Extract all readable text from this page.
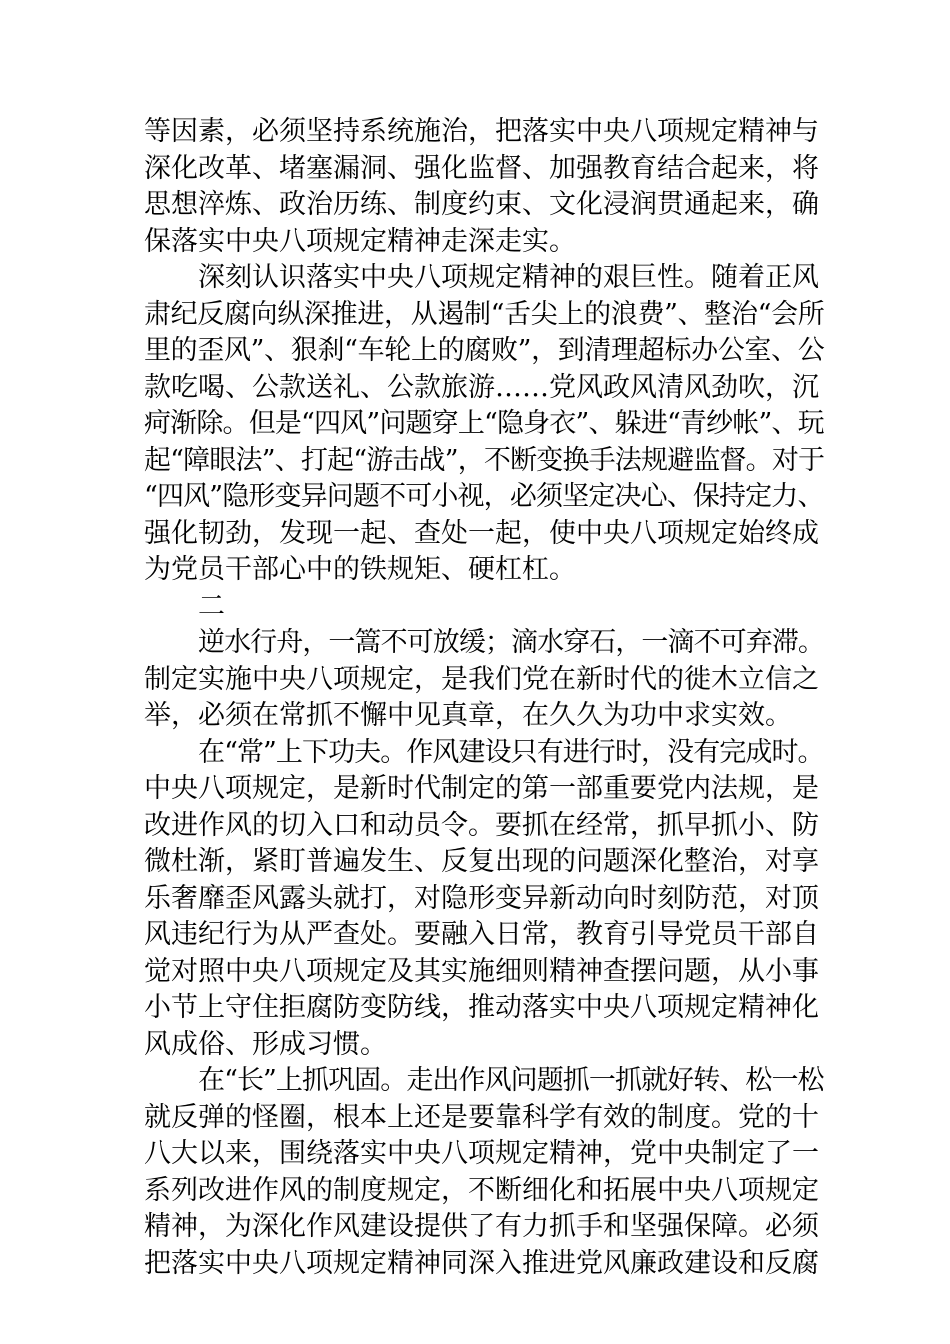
等因素，必须坚持系统施治，把落实中央八项规定精神与
深化改革、堵塞漏洞、强化监督、加强教育结合起来，将
思想淬炼、政治历练、制度约束、文化浸润贯通起来，确
保落实中央八项规定精神走深走实。
深刻认识落实中央八项规定精神的艰巨性。随着正风
肃纪反腐向纵深推进，从遏制“舌尖上的浪费”、整治“会所
里的歪风”、狠刹“车轮上的腐败”，到清理超标办公室、公
款吃喝、公款送礼、公款旅游……党风政风清风劲吹，沉
疴渐除。但是“四风”问题穿上“隐身衣”、躲进“青纱帐”、玩
起“障眼法”、打起“游击战”，不断变换手法规避监督。对于
“四风”隐形变异问题不可小视，必须坚定决心、保持定力、
强化韧劲，发现一起、查处一起，使中央八项规定始终成
为党员干部心中的铁规矩、硬杠杠。
二
逆水行舟，一篙不可放缓；滴水穿石，一滴不可弃滞。
制定实施中央八项规定，是我们党在新时代的徙木立信之
举，必须在常抓不懈中见真章，在久久为功中求实效。
在“常”上下功夫。作风建设只有进行时，没有完成时。
中央八项规定，是新时代制定的第一部重要党内法规，是
改进作风的切入口和动员令。要抓在经常，抓早抓小、防
微杜渐，紧盯普遍发生、反复出现的问题深化整治，对享
乐奢靡歪风露头就打，对隐形变异新动向时刻防范，对顶
风违纪行为从严查处。要融入日常，教育引导党员干部自
觉对照中央八项规定及其实施细则精神查摆问题，从小事
小节上守住拒腐防变防线，推动落实中央八项规定精神化
风成俗、形成习惯。
在“长”上抓巩固。走出作风问题抓一抓就好转、松一松
就反弹的怪圈，根本上还是要靠科学有效的制度。党的十
八大以来，围绕落实中央八项规定精神，党中央制定了一
系列改进作风的制度规定，不断细化和拓展中央八项规定
精神，为深化作风建设提供了有力抓手和坚强保障。必须
把落实中央八项规定精神同深入推进党风廉政建设和反腐
